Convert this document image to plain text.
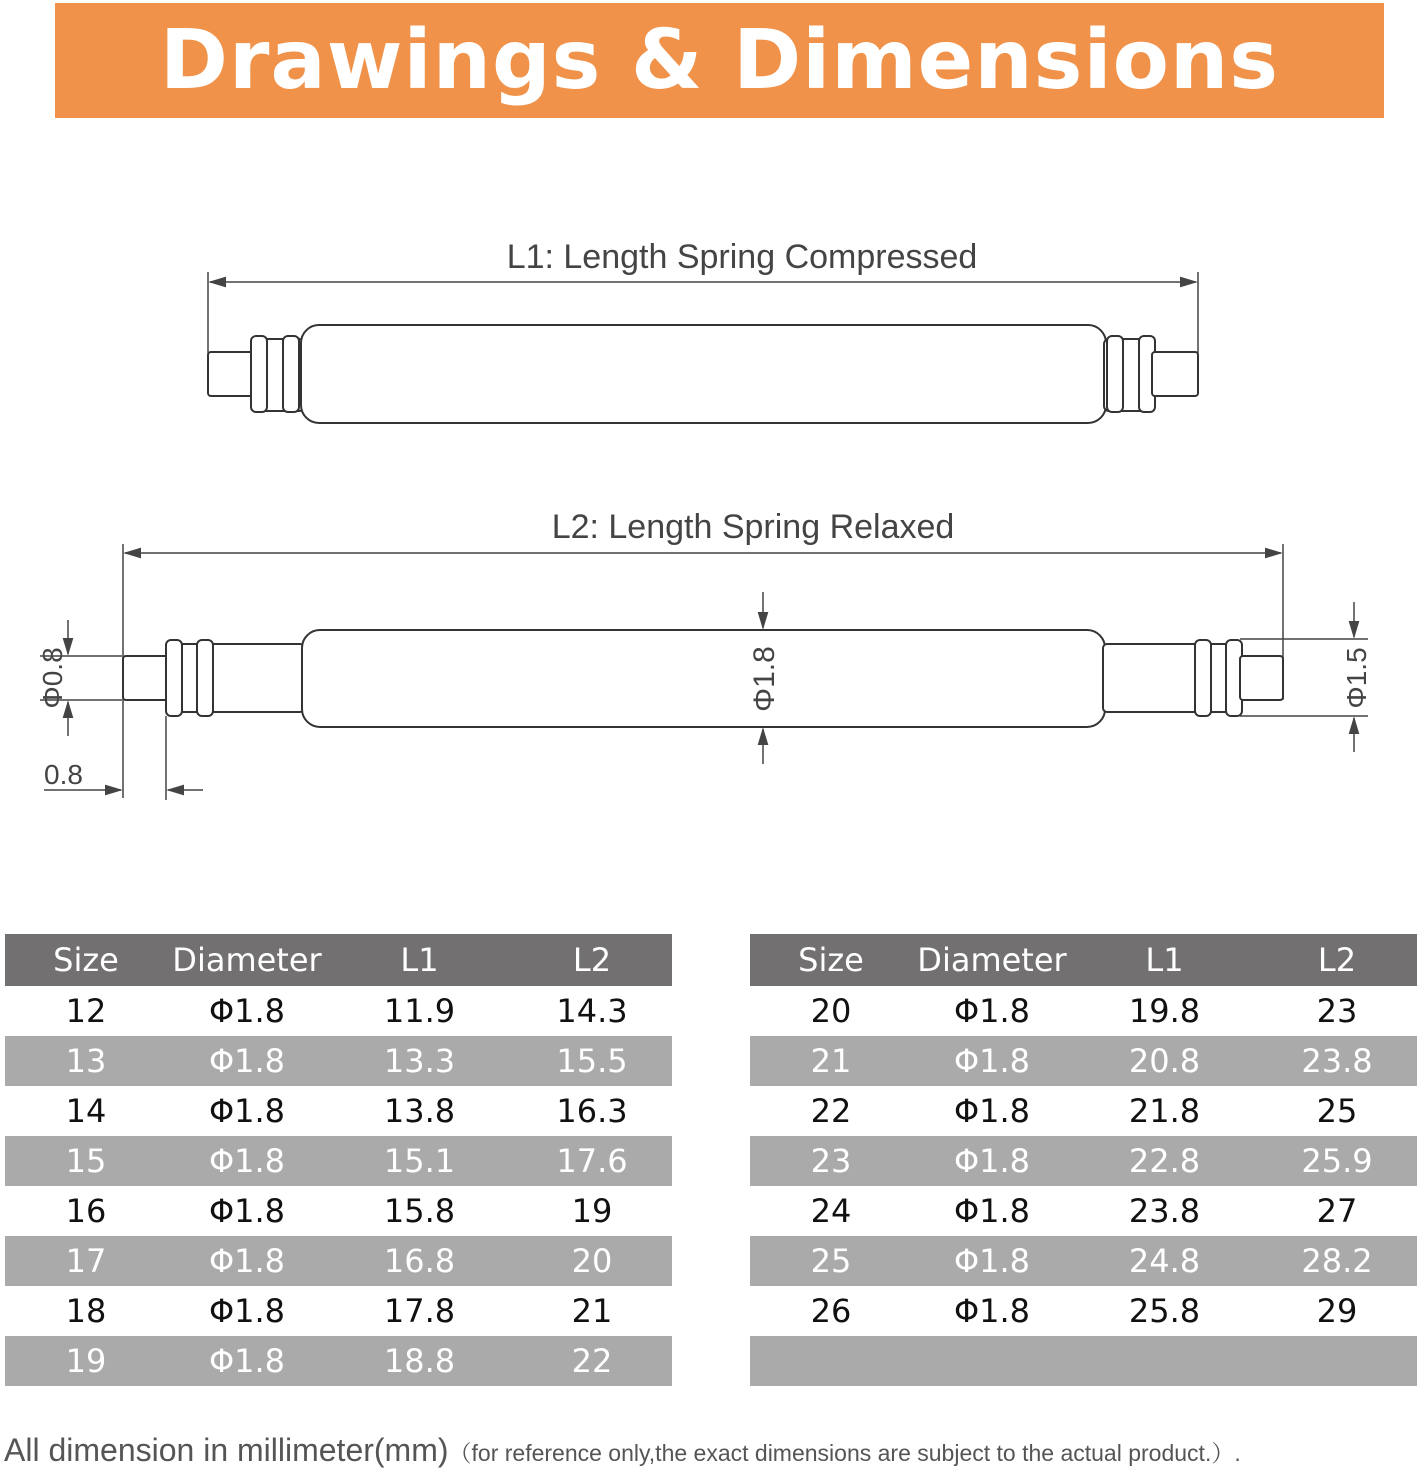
Drawings & Dimensions
L1: Length Spring Compressed
L2: Length Spring Relaxed
Φ0.8
0.8
Φ1.8	Φ1.5
Size	Diameter	L1	L2
12	Φ1.8	11.9	14.3
13	Φ1.8	13.3	15.5
14	Φ1.8	13.8	16.3
15	Φ1.8	15.1	17.6
16	Φ1.8	15.8	19
17	Φ1.8	16.8	20
18	Φ1.8	17.8	21
19	Φ1.8	18.8	22
Size	Diameter	L1	L2
20	Φ1.8	19.8	23
21	Φ1.8	20.8	23.8
22	Φ1.8	21.8	25
23	Φ1.8	22.8	25.9
24	Φ1.8	23.8	27
25	Φ1.8	24.8	28.2
26	Φ1.8	25.8	29

All dimension in millimeter(mm)（for reference only,the exact dimensions are subject to the actual product.）.
